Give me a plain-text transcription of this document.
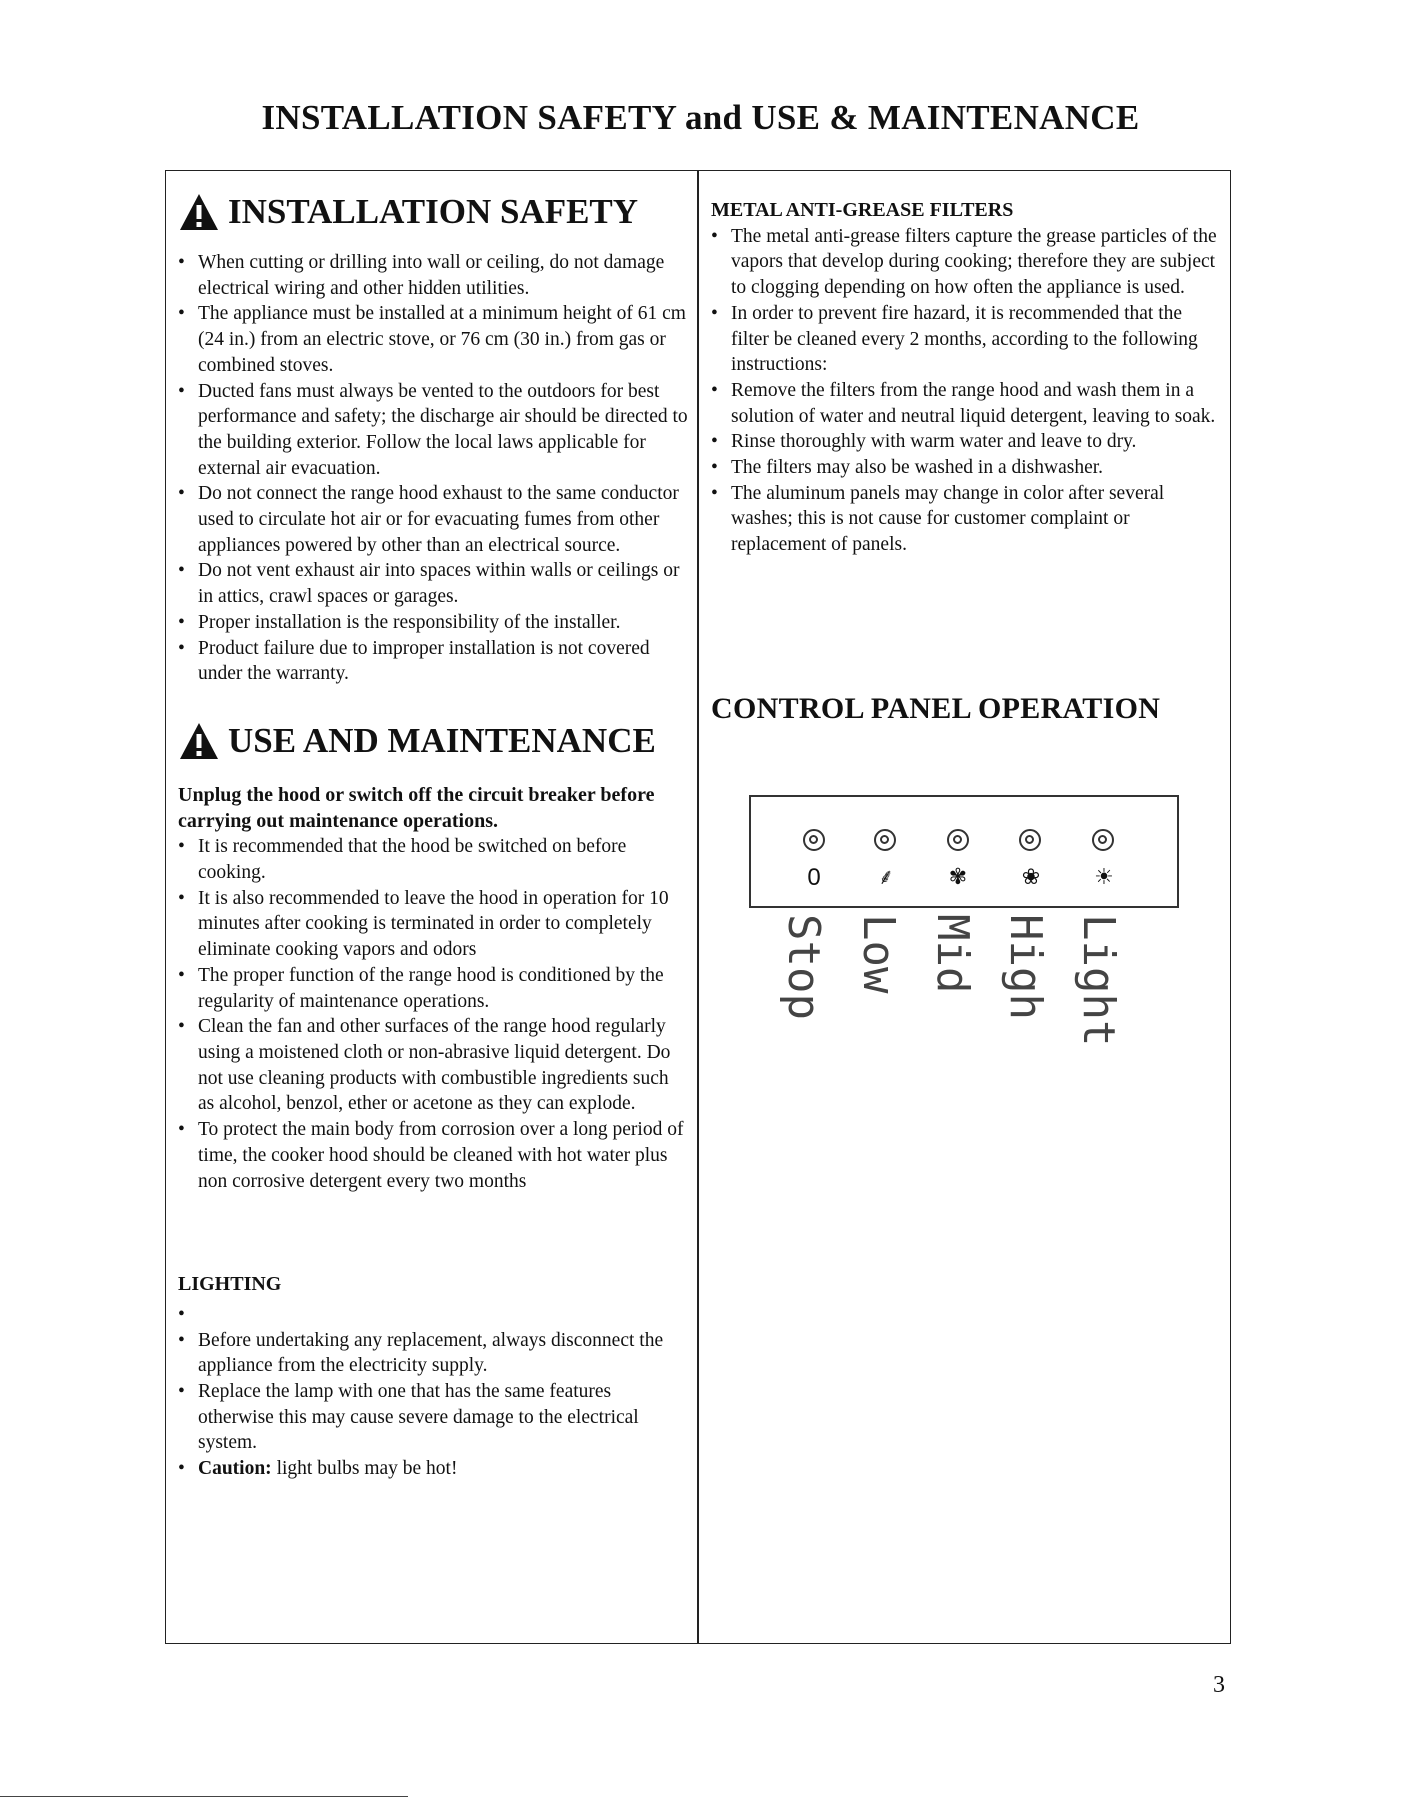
INSTALLATION SAFETY and USE & MAINTENANCE
INSTALLATION SAFETY
• When cutting or drilling into wall or ceiling, do not damage electrical wiring and other hidden utilities.
• The appliance must be installed at a minimum height of 61 cm (24 in.) from an electric stove, or 76 cm (30 in.) from gas or combined stoves.
• Ducted fans must always be vented to the outdoors for best performance and safety; the discharge air should be directed to the building exterior. Follow the local laws applicable for external air evacuation.
• Do not connect the range hood exhaust to the same conductor used to circulate hot air or for evacuating fumes from other appliances powered by other than an electrical source.
• Do not vent exhaust air into spaces within walls or ceilings or in attics, crawl spaces or garages.
• Proper installation is the responsibility of the installer.
• Product failure due to improper installation is not covered under the warranty.
USE AND MAINTENANCE

Unplug the hood or switch off the circuit breaker before carrying out maintenance operations.

• It is recommended that the hood be switched on before cooking.
• It is also recommended to leave the hood in operation for 10 minutes after cooking is terminated in order to completely eliminate cooking vapors and odors
• The proper function of the range hood is conditioned by the regularity of maintenance operations.
• Clean the fan and other surfaces of the range hood regularly using a moistened cloth or non-abrasive liquid detergent. Do not use cleaning products with combustible ingredients such as alcohol, benzol, ether or acetone as they can explode.
• To protect the main body from corrosion over a long period of time, the cooker hood should be cleaned with hot water plus non corrosive detergent every two months

LIGHTING

•
• Before undertaking any replacement, always disconnect the appliance from the electricity supply.
• Replace the lamp with one that has the same features otherwise this may cause severe damage to the electrical system.
• Caution: light bulbs may be hot!

METAL ANTI-GREASE FILTERS

• The metal anti-grease filters capture the grease particles of the vapors that develop during cooking; therefore they are subject to clogging depending on how often the appliance is used.
• In order to prevent fire hazard, it is recommended that the filter be cleaned every 2 months, according to the following instructions:
• Remove the filters from the range hood and wash them in a solution of water and neutral liquid detergent, leaving to soak.
• Rinse thoroughly with warm water and leave to dry.
• The filters may also be washed in a dishwasher.
• The aluminum panels may change in color after several washes; this is not cause for customer complaint or replacement of panels.
CONTROL PANEL OPERATION
0	⸙	✾ ❀ ☀
Stop Low Mid High Light
3
